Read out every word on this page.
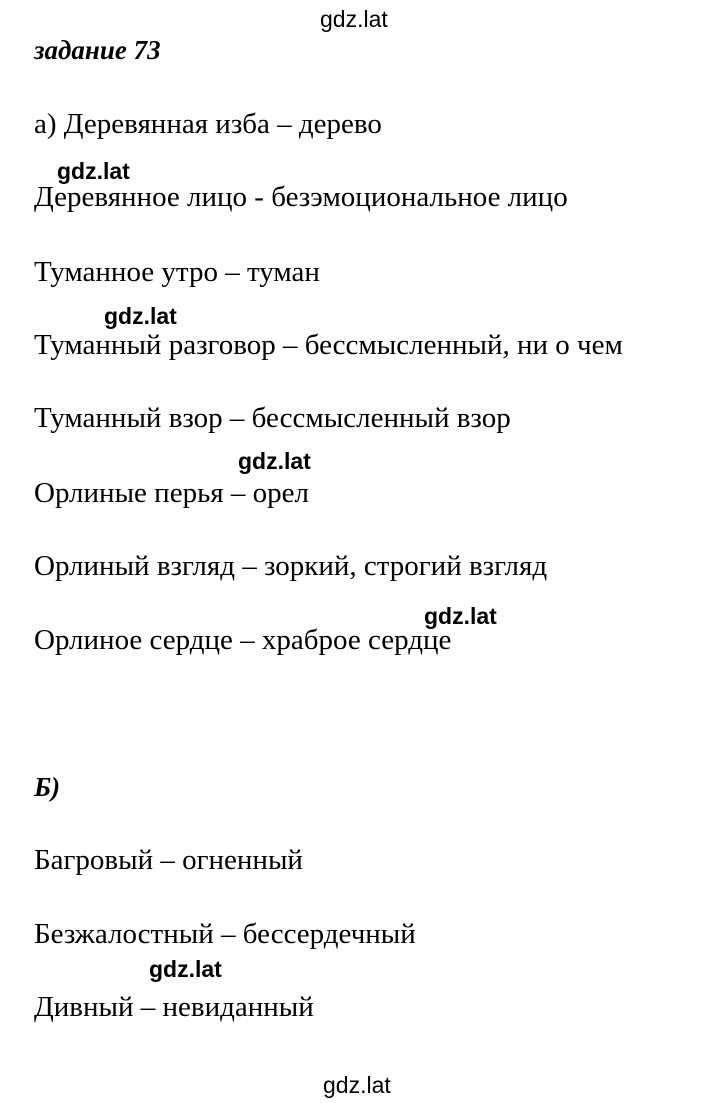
gdz.lat
задание 73
а) Деревянная изба – дерево
gdz.lat
Деревянное лицо - безэмоциональное лицо
Туманное утро – туман
gdz.lat
Туманный разговор – бессмысленный, ни о чем
Туманный взор – бессмысленный взор
gdz.lat
Орлиные перья – орел
Орлиный взгляд – зоркий, строгий взгляд
gdz.lat
Орлиное сердце – храброе сердце
Б)
Багровый – огненный
Безжалостный – бессердечный
gdz.lat
Дивный – невиданный
gdz.lat
